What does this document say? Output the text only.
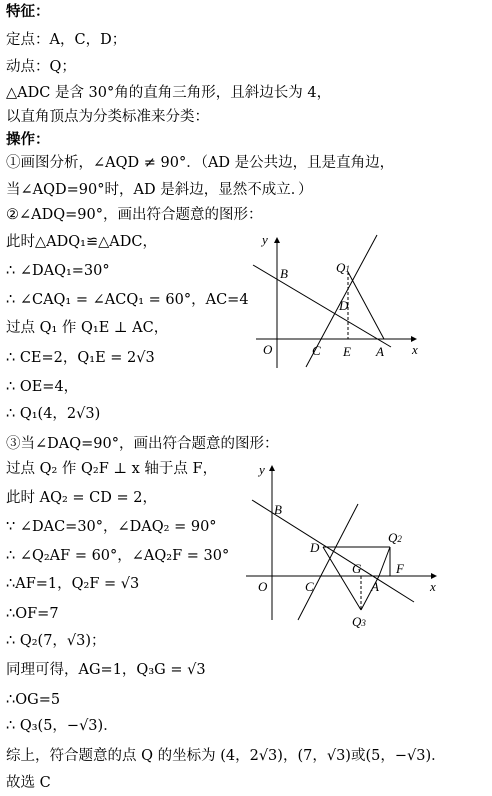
特征：
定点：A，C，D；
动点：Q；
△ADC 是含 30°角的直角三角形，且斜边长为 4，
以直角顶点为分类标准来分类：
操作：
①画图分析，∠AQD ≠ 90°．（AD 是公共边，且是直角边，
当∠AQD=90°时，AD 是斜边，显然不成立．）
②∠ADQ=90°，画出符合题意的图形：
此时△ADQ₁≌△ADC，
∴ ∠DAQ₁=30°
∴ ∠CAQ₁ = ∠ACQ₁ = 60°，AC=4
过点 Q₁ 作 Q₁E ⊥ AC，
∴ CE=2，Q₁E = 2√3
∴ OE=4，
∴ Q₁(4，2√3)
③当∠DAQ=90°，画出符合题意的图形：
过点 Q₂ 作 Q₂F ⊥ x 轴于点 F，
此时 AQ₂ = CD = 2，
∵ ∠DAC=30°，∠DAQ₂ = 90°
∴ ∠Q₂AF = 60°，∠AQ₂F = 30°
∴AF=1，Q₂F = √3
∴OF=7
∴ Q₂(7，√3)；
同理可得，AG=1，Q₃G = √3
∴OG=5
∴ Q₃(5，−√3)．
综上，符合题意的点 Q 的坐标为 (4，2√3)，(7，√3)或(5，−√3)．
故选 C
y
x
O
B	Q1
D
C E A
y
x
O
B
D
Q2
G	F
C	A
Q3
